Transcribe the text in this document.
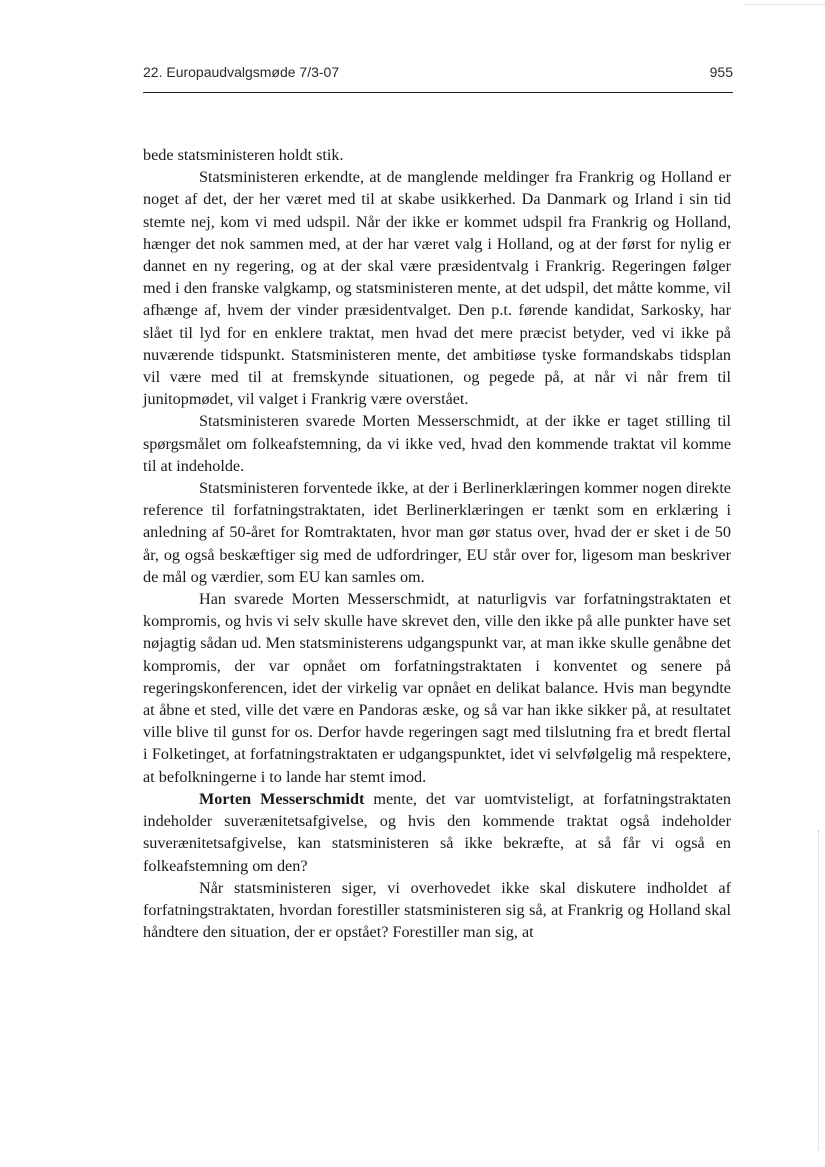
22. Europaudvalgsmøde 7/3-07	955

bede statsministeren holdt stik.

Statsministeren erkendte, at de manglende meldinger fra Frankrig og Holland er noget af det, der her været med til at skabe usikkerhed. Da Danmark og Irland i sin tid stemte nej, kom vi med udspil. Når der ikke er kommet udspil fra Frankrig og Holland, hænger det nok sammen med, at der har været valg i Holland, og at der først for nylig er dannet en ny regering, og at der skal være præsidentvalg i Frankrig. Regeringen følger med i den franske valgkamp, og statsministeren mente, at det udspil, det måtte komme, vil afhænge af, hvem der vinder præsidentvalget. Den p.t. førende kandidat, Sarkosky, har slået til lyd for en enklere traktat, men hvad det mere præcist betyder, ved vi ikke på nuværende tidspunkt. Statsministeren mente, det ambitiøse tyske formandskabs tidsplan vil være med til at fremskynde situationen, og pegede på, at når vi når frem til junitopmødet, vil valget i Frankrig være overstået.

Statsministeren svarede Morten Messerschmidt, at der ikke er taget stilling til spørgsmålet om folkeafstemning, da vi ikke ved, hvad den kommende traktat vil komme til at indeholde.

Statsministeren forventede ikke, at der i Berlinerklæringen kommer nogen direkte reference til forfatningstraktaten, idet Berlinerklæringen er tænkt som en erklæring i anledning af 50-året for Romtraktaten, hvor man gør status over, hvad der er sket i de 50 år, og også beskæftiger sig med de udfordringer, EU står over for, ligesom man beskriver de mål og værdier, som EU kan samles om.

Han svarede Morten Messerschmidt, at naturligvis var forfatningstraktaten et kompromis, og hvis vi selv skulle have skrevet den, ville den ikke på alle punkter have set nøjagtig sådan ud. Men statsministerens udgangspunkt var, at man ikke skulle genåbne det kompromis, der var opnået om forfatningstraktaten i konventet og senere på regeringskonferencen, idet der virkelig var opnået en delikat balance. Hvis man begyndte at åbne et sted, ville det være en Pandoras æske, og så var han ikke sikker på, at resultatet ville blive til gunst for os. Derfor havde regeringen sagt med tilslutning fra et bredt flertal i Folketinget, at forfatningstraktaten er udgangspunktet, idet vi selvfølgelig må respektere, at befolkningerne i to lande har stemt imod.

Morten Messerschmidt mente, det var uomtvisteligt, at forfatningstraktaten indeholder suverænitetsafgivelse, og hvis den kommende traktat også indeholder suverænitetsafgivelse, kan statsministeren så ikke bekræfte, at så får vi også en folkeafstemning om den?

Når statsministeren siger, vi overhovedet ikke skal diskutere indholdet af forfatningstraktaten, hvordan forestiller statsministeren sig så, at Frankrig og Holland skal håndtere den situation, der er opstået? Forestiller man sig, at
